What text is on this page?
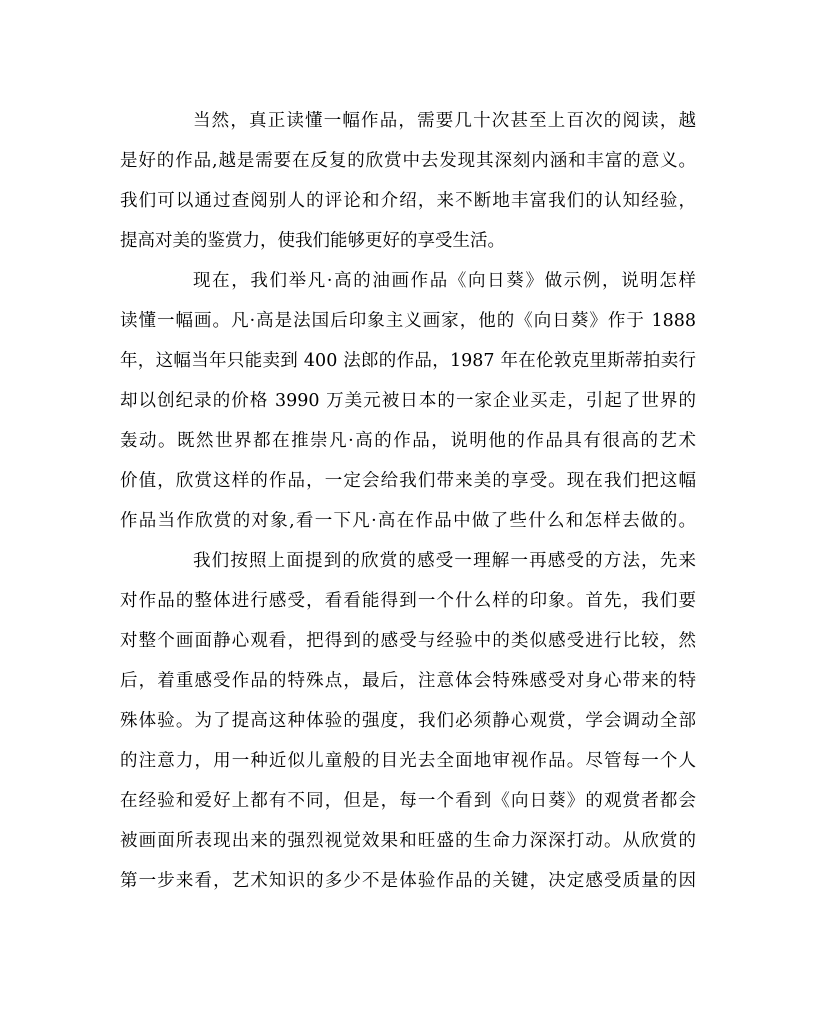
当然，真正读懂一幅作品，需要几十次甚至上百次的阅读，越

是好的作品,越是需要在反复的欣赏中去发现其深刻内涵和丰富的意义。

我们可以通过查阅别人的评论和介绍，来不断地丰富我们的认知经验，

提高对美的鉴赏力，使我们能够更好的享受生活。

现在，我们举凡·高的油画作品《向日葵》做示例，说明怎样

读懂一幅画。凡·高是法国后印象主义画家，他的《向日葵》作于 1888

年，这幅当年只能卖到 400 法郎的作品，1987 年在伦敦克里斯蒂拍卖行

却以创纪录的价格 3990 万美元被日本的一家企业买走，引起了世界的

轰动。既然世界都在推崇凡·高的作品，说明他的作品具有很高的艺术

价值，欣赏这样的作品，一定会给我们带来美的享受。现在我们把这幅

作品当作欣赏的对象,看一下凡·高在作品中做了些什么和怎样去做的。

我们按照上面提到的欣赏的感受一理解一再感受的方法，先来

对作品的整体进行感受，看看能得到一个什么样的印象。首先，我们要

对整个画面静心观看，把得到的感受与经验中的类似感受进行比较，然

后，着重感受作品的特殊点，最后，注意体会特殊感受对身心带来的特

殊体验。为了提高这种体验的强度，我们必须静心观赏，学会调动全部

的注意力，用一种近似儿童般的目光去全面地审视作品。尽管每一个人

在经验和爱好上都有不同，但是，每一个看到《向日葵》的观赏者都会

被画面所表现出来的强烈视觉效果和旺盛的生命力深深打动。从欣赏的

第一步来看，艺术知识的多少不是体验作品的关键，决定感受质量的因
